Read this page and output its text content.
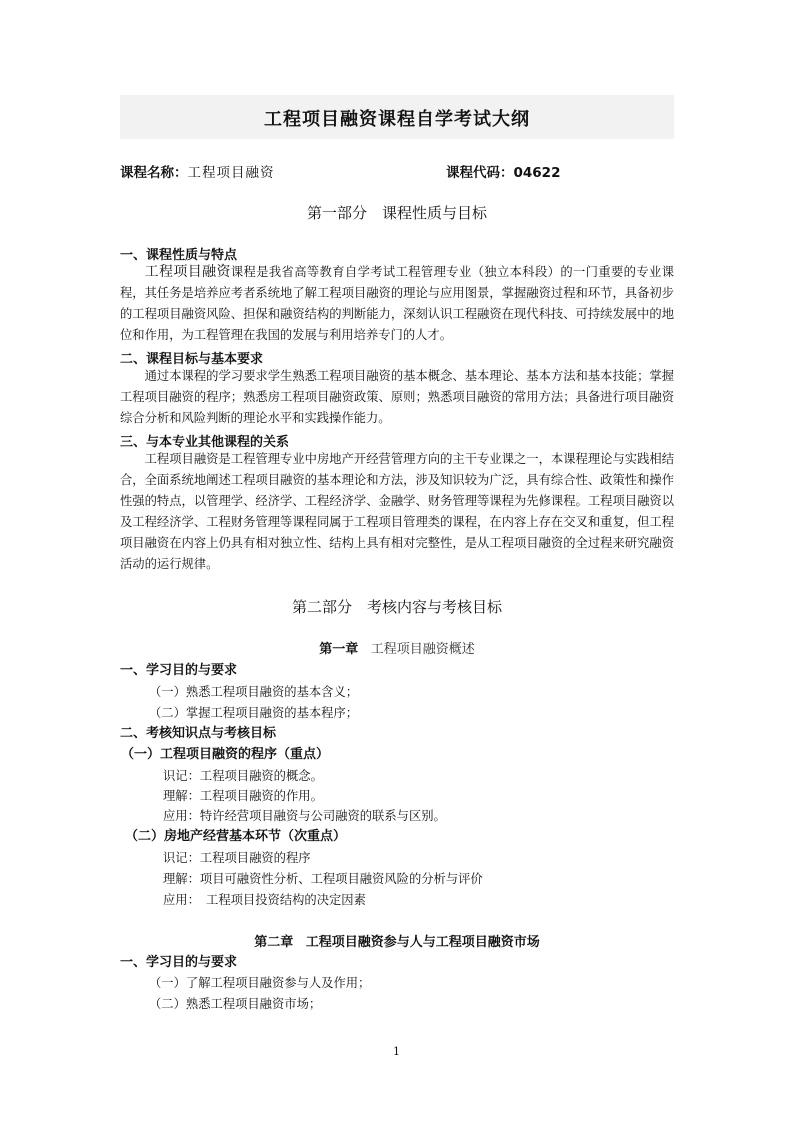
工程项目融资课程自学考试大纲
课程名称：工程项目融资	课程代码：04622
第一部分　课程性质与目标
一、课程性质与特点
工程项目融资课程是我省高等教育自学考试工程管理专业（独立本科段）的一门重要的专业课程，其任务是培养应考者系统地了解工程项目融资的理论与应用图景，掌握融资过程和环节，具备初步的工程项目融资风险、担保和融资结构的判断能力，深刻认识工程融资在现代科技、可持续发展中的地位和作用，为工程管理在我国的发展与利用培养专门的人才。
二、课程目标与基本要求
通过本课程的学习要求学生熟悉工程项目融资的基本概念、基本理论、基本方法和基本技能；掌握工程项目融资的程序；熟悉房工程项目融资政策、原则；熟悉项目融资的常用方法；具备进行项目融资综合分析和风险判断的理论水平和实践操作能力。
三、与本专业其他课程的关系
工程项目融资是工程管理专业中房地产开经营管理方向的主干专业课之一，本课程理论与实践相结合，全面系统地阐述工程项目融资的基本理论和方法，涉及知识较为广泛，具有综合性、政策性和操作性强的特点，以管理学、经济学、工程经济学、金融学、财务管理等课程为先修课程。工程项目融资以及工程经济学、工程财务管理等课程同属于工程项目管理类的课程，在内容上存在交叉和重复，但工程项目融资在内容上仍具有相对独立性、结构上具有相对完整性，是从工程项目融资的全过程来研究融资活动的运行规律。
第二部分　考核内容与考核目标
第一章 工程项目融资概述
一、学习目的与要求
（一）熟悉工程项目融资的基本含义；
（二）掌握工程项目融资的基本程序；
二、考核知识点与考核目标
（一）工程项目融资的程序（重点）
识记：工程项目融资的概念。
理解：工程项目融资的作用。
应用：特许经营项目融资与公司融资的联系与区别。
（二）房地产经营基本环节（次重点）
识记：工程项目融资的程序
理解：项目可融资性分析、工程项目融资风险的分析与评价
应用：　工程项目投资结构的决定因素
第二章 工程项目融资参与人与工程项目融资市场
一、学习目的与要求
（一）了解工程项目融资参与人及作用；
（二）熟悉工程项目融资市场；
1
